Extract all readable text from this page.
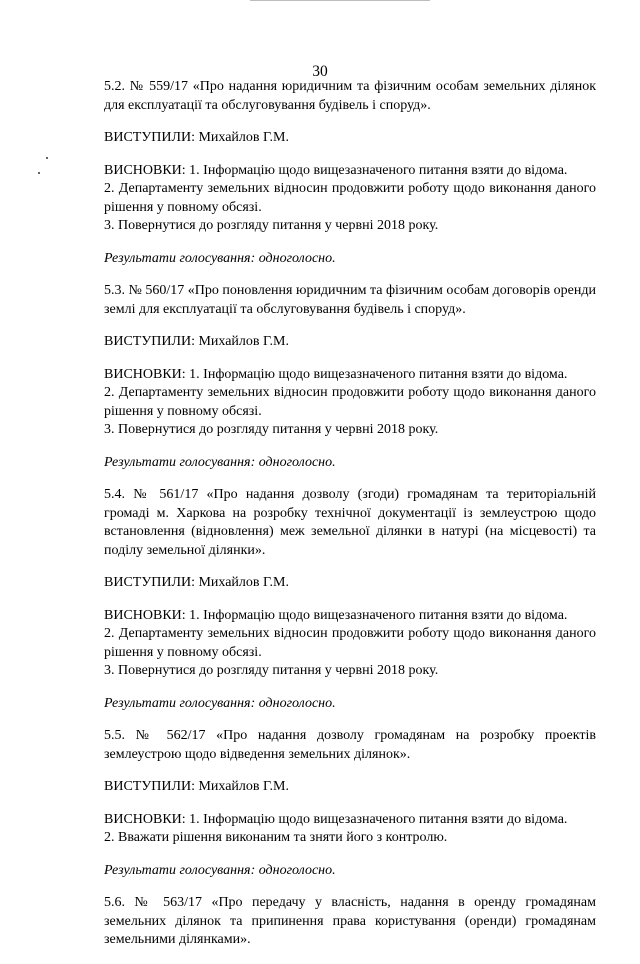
30

5.2. № 559/17 «Про надання юридичним та фізичним особам земельних ділянок для експлуатації та обслуговування будівель і споруд».

ВИСТУПИЛИ: Михайлов Г.М.

ВИСНОВКИ: 1. Інформацію щодо вищезазначеного питання взяти до відома.

2. Департаменту земельних відносин продовжити роботу щодо виконання даного рішення у повному обсязі.

3. Повернутися до розгляду питання у червні 2018 року.

Результати голосування: одноголосно.

5.3. № 560/17 «Про поновлення юридичним та фізичним особам договорів оренди землі для експлуатації та обслуговування будівель і споруд».

ВИСТУПИЛИ: Михайлов Г.М.

ВИСНОВКИ: 1. Інформацію щодо вищезазначеного питання взяти до відома.

2. Департаменту земельних відносин продовжити роботу щодо виконання даного рішення у повному обсязі.

3. Повернутися до розгляду питання у червні 2018 року.

Результати голосування: одноголосно.

5.4. № 561/17 «Про надання дозволу (згоди) громадянам та територіальній громаді м. Харкова на розробку технічної документації із землеустрою щодо встановлення (відновлення) меж земельної ділянки в натурі (на місцевості) та поділу земельної ділянки».

ВИСТУПИЛИ: Михайлов Г.М.

ВИСНОВКИ: 1. Інформацію щодо вищезазначеного питання взяти до відома.

2. Департаменту земельних відносин продовжити роботу щодо виконання даного рішення у повному обсязі.

3. Повернутися до розгляду питання у червні 2018 року.

Результати голосування: одноголосно.

5.5. № 562/17 «Про надання дозволу громадянам на розробку проектів землеустрою щодо відведення земельних ділянок».

ВИСТУПИЛИ: Михайлов Г.М.

ВИСНОВКИ: 1. Інформацію щодо вищезазначеного питання взяти до відома.

2. Вважати рішення виконаним та зняти його з контролю.

Результати голосування: одноголосно.

5.6. № 563/17 «Про передачу у власність, надання в оренду громадянам земельних ділянок та припинення права користування (оренди) громадянам земельними ділянками».
